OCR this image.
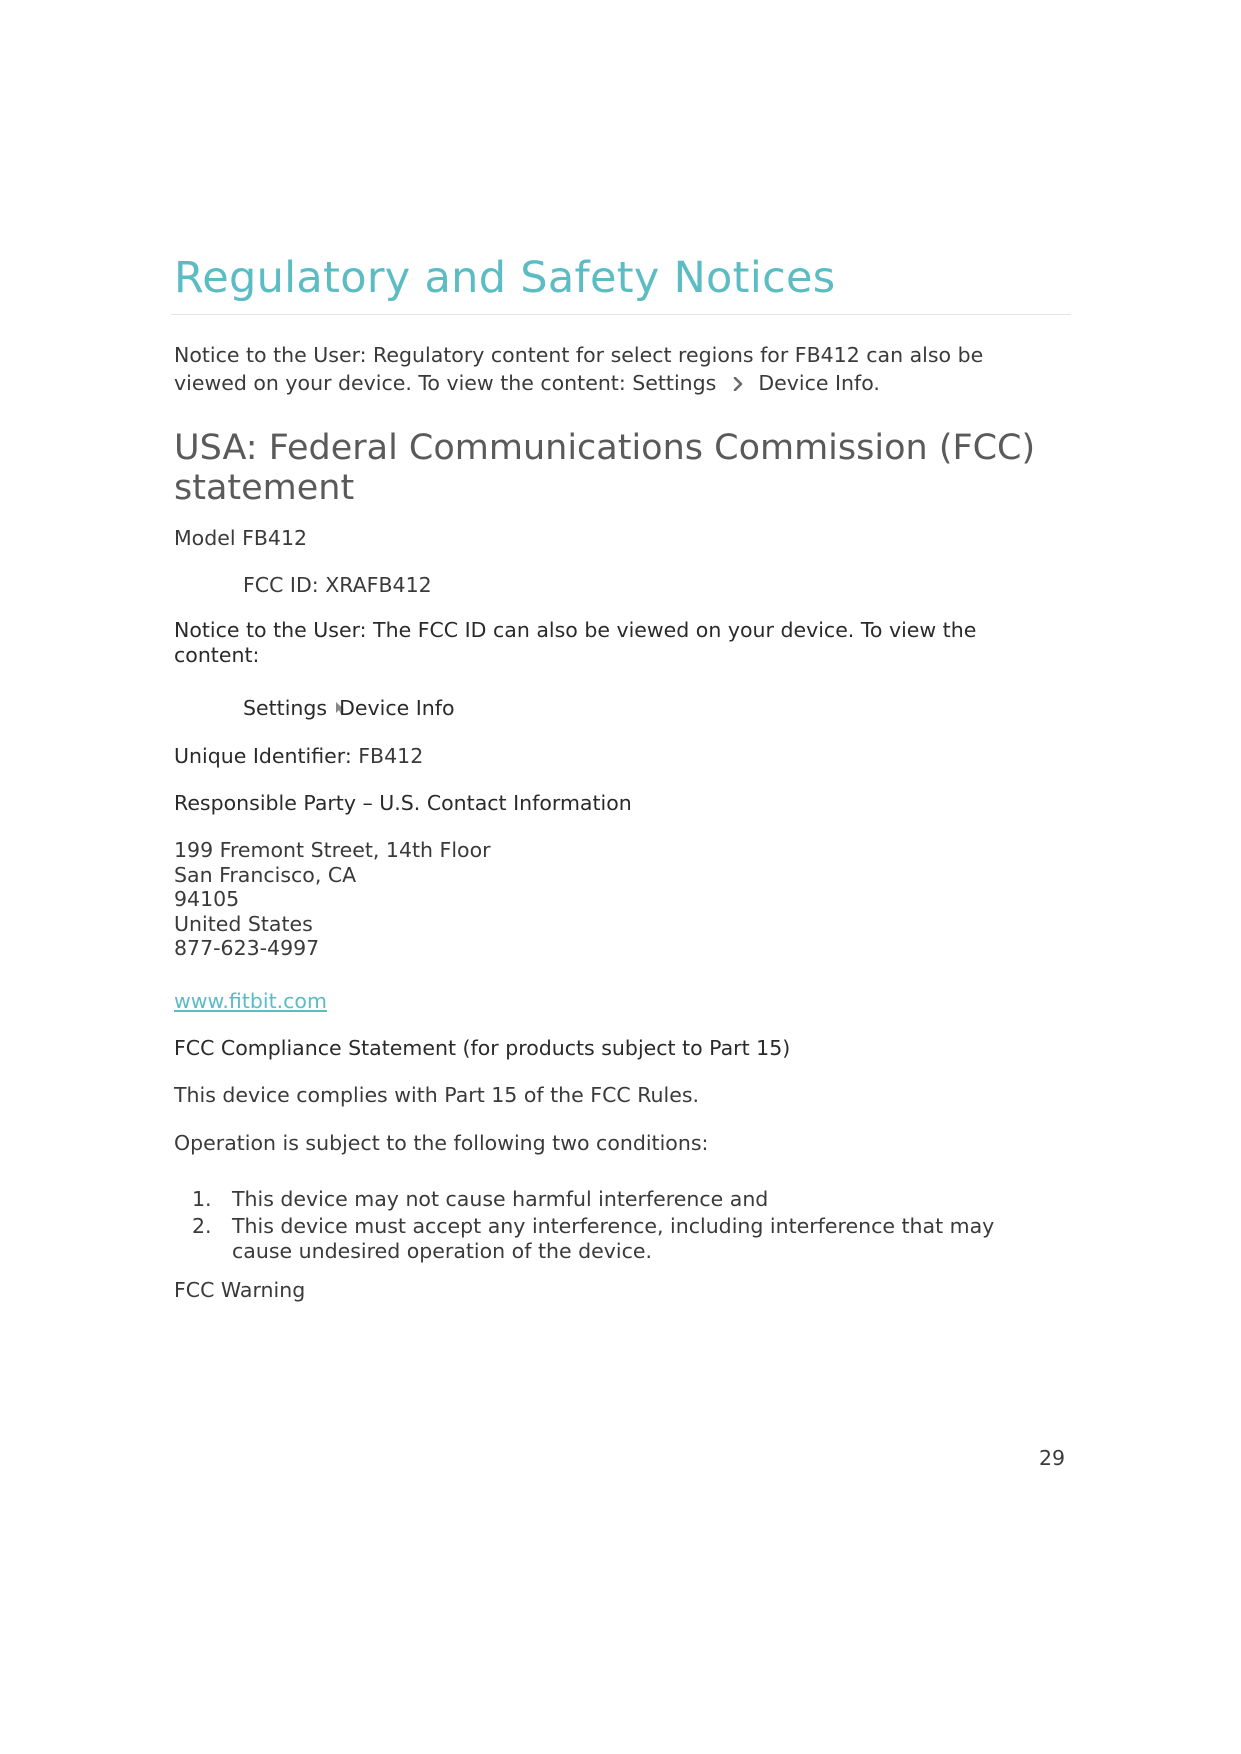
Regulatory and Safety Notices

Notice to the User: Regulatory content for select regions for FB412 can also be

viewed on your device. To view the content: Settings Device Info.

USA: Federal Communications Commission (FCC) statement

Model FB412

FCC ID: XRAFB412

Notice to the User: The FCC ID can also be viewed on your device. To view the content:

Settings Device Info

Unique Identifier: FB412

Responsible Party – U.S. Contact Information

199 Fremont Street, 14th Floor
San Francisco, CA
94105
United States
877-623-4997

www.fitbit.com

FCC Compliance Statement (for products subject to Part 15)

This device complies with Part 15 of the FCC Rules.

Operation is subject to the following two conditions:

1. This device may not cause harmful interference and
2. This device must accept any interference, including interference that may cause undesired operation of the device.

FCC Warning

29
